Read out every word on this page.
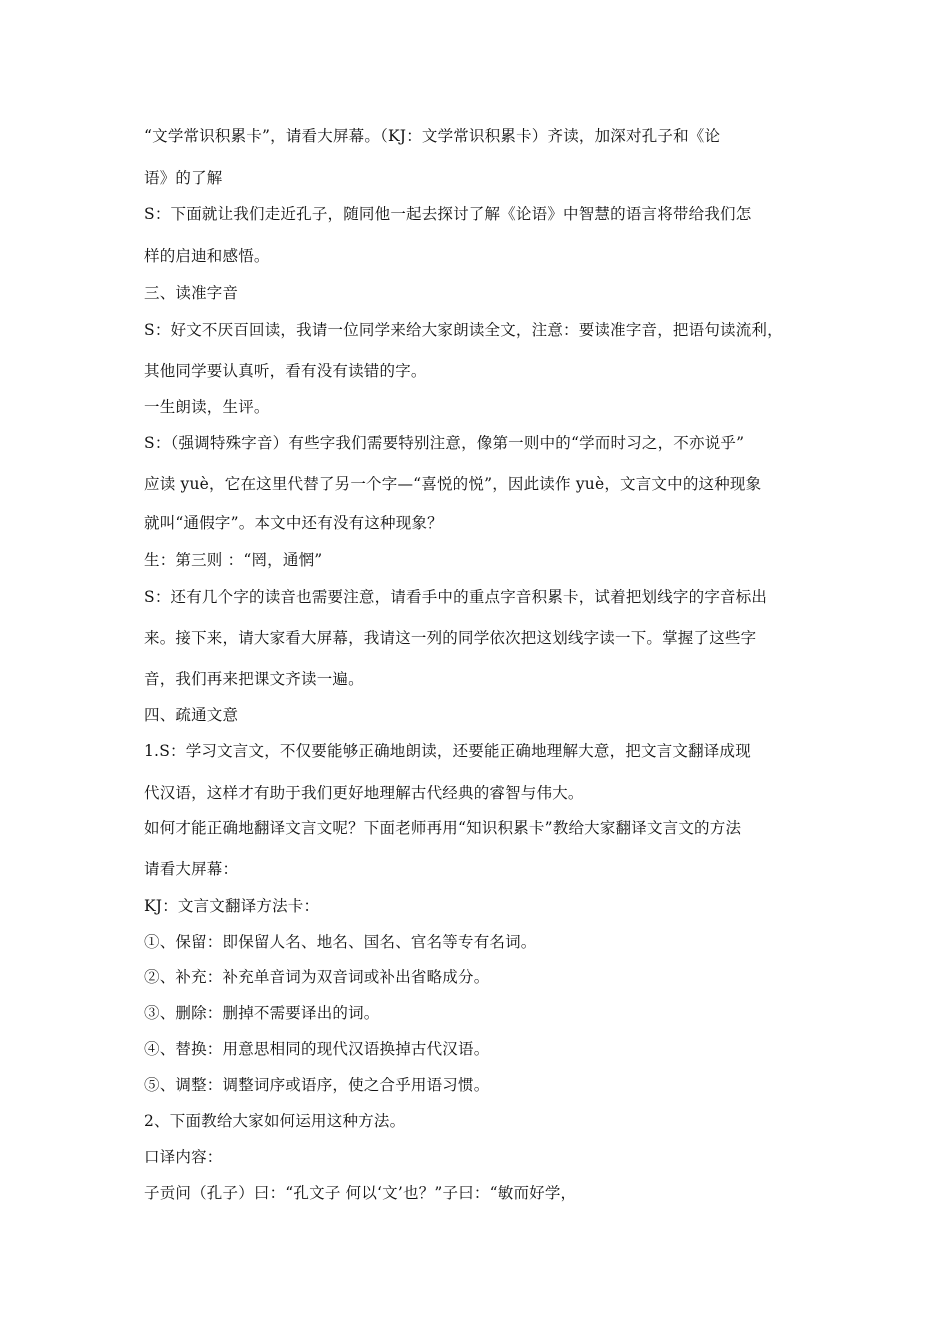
“文学常识积累卡”，请看大屏幕。（KJ：文学常识积累卡）齐读，加深对孔子和《论
语》的了解
S：下面就让我们走近孔子，随同他一起去探讨了解《论语》中智慧的语言将带给我们怎
样的启迪和感悟。
三、读准字音
S：好文不厌百回读，我请一位同学来给大家朗读全文，注意：要读准字音，把语句读流利，
其他同学要认真听，看有没有读错的字。
一生朗读，生评。
S：（强调特殊字音）有些字我们需要特别注意，像第一则中的“学而时习之，不亦说乎”
应读 yuè，它在这里代替了另一个字—“喜悦的悦”，因此读作 yuè，文言文中的这种现象
就叫“通假字”。本文中还有没有这种现象？
生：第三则 ：“罔，通惘”
S：还有几个字的读音也需要注意，请看手中的重点字音积累卡，试着把划线字的字音标出
来。接下来，请大家看大屏幕，我请这一列的同学依次把这划线字读一下。掌握了这些字
音，我们再来把课文齐读一遍。
四、疏通文意
1.S：学习文言文，不仅要能够正确地朗读，还要能正确地理解大意，把文言文翻译成现
代汉语，这样才有助于我们更好地理解古代经典的睿智与伟大。
如何才能正确地翻译文言文呢？下面老师再用“知识积累卡”教给大家翻译文言文的方法
请看大屏幕：
KJ：文言文翻译方法卡：
①、保留：即保留人名、地名、国名、官名等专有名词。
②、补充：补充单音词为双音词或补出省略成分。
③、删除：删掉不需要译出的词。
④、替换：用意思相同的现代汉语换掉古代汉语。
⑤、调整：调整词序或语序，使之合乎用语习惯。
2、下面教给大家如何运用这种方法。
口译内容：
子贡问（孔子）曰：“孔文子 何以‘文’也？”子曰：“敏而好学，
